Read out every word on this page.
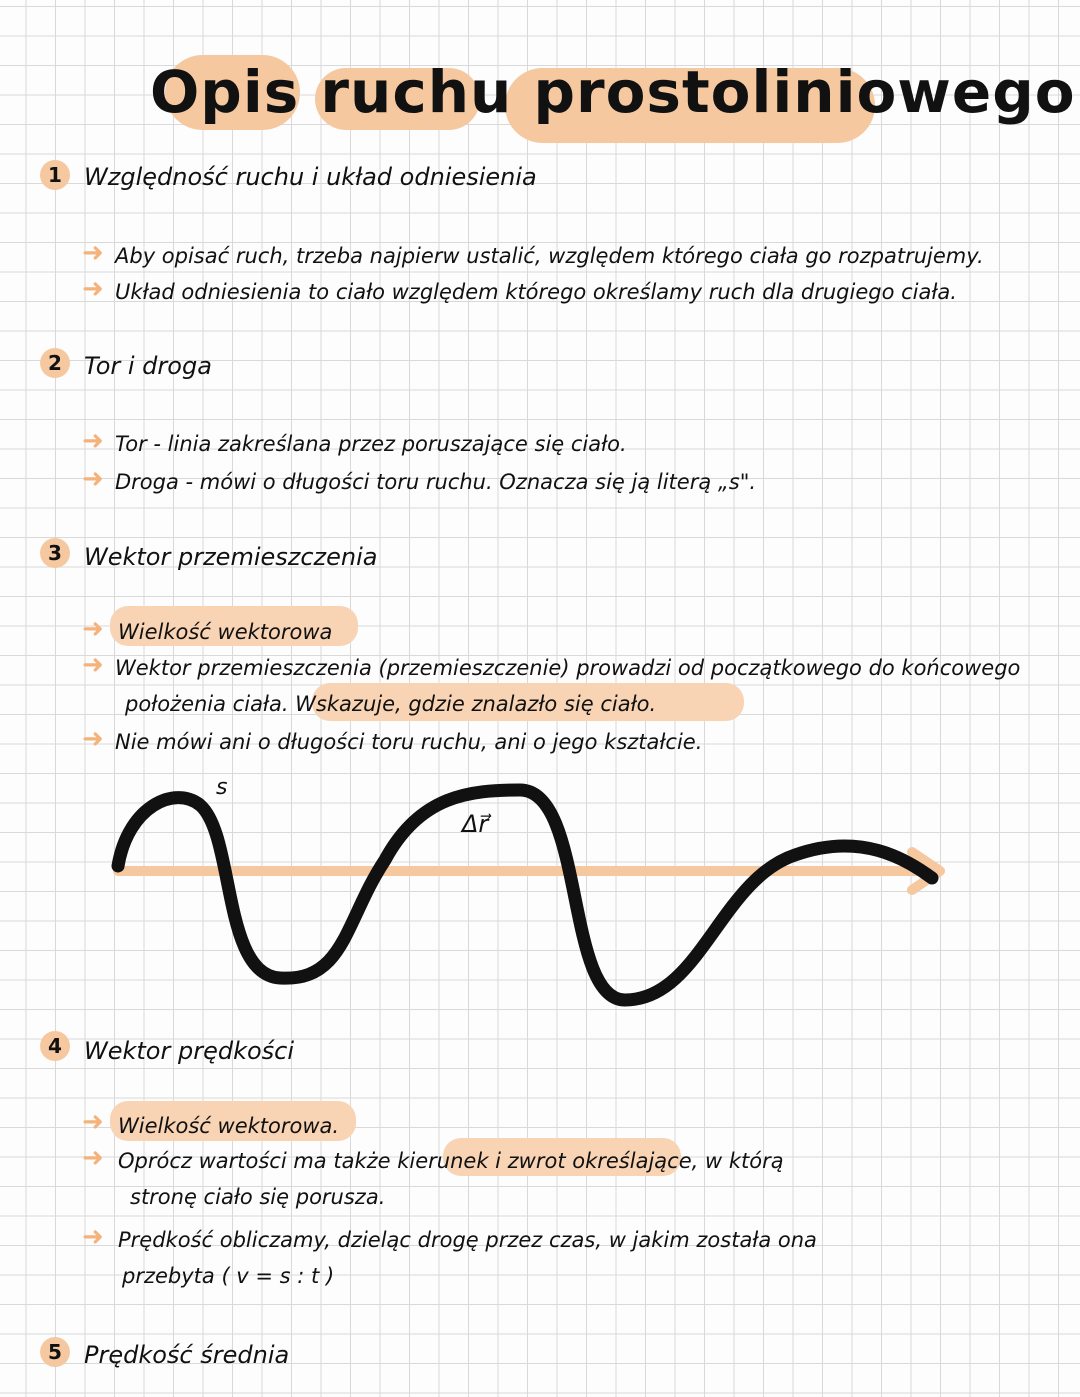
Opis ruchu prostoliniowego
1 Względność ruchu i układ odniesienia
➜ Aby opisać ruch, trzeba najpierw ustalić, względem którego ciała go rozpatrujemy.
➜ Układ odniesienia to ciało względem którego określamy ruch dla drugiego ciała.
2 Tor i droga
➜ Tor - linia zakreślana przez poruszające się ciało.
➜ Droga - mówi o długości toru ruchu. Oznacza się ją literą „s".
3 Wektor przemieszczenia
➜ Wielkość wektorowa
➜ Wektor przemieszczenia (przemieszczenie) prowadzi od początkowego do końcowego
położenia ciała. Wskazuje, gdzie znalazło się ciało.
➜ Nie mówi ani o długości toru ruchu, ani o jego kształcie.
s
Δr⃗
4 Wektor prędkości
➜ Wielkość wektorowa.
➜ Oprócz wartości ma także kierunek i zwrot określające, w którą
stronę ciało się porusza.
➜ Prędkość obliczamy, dzieląc drogę przez czas, w jakim została ona
przebyta ( v = s : t )
5 Prędkość średnia
